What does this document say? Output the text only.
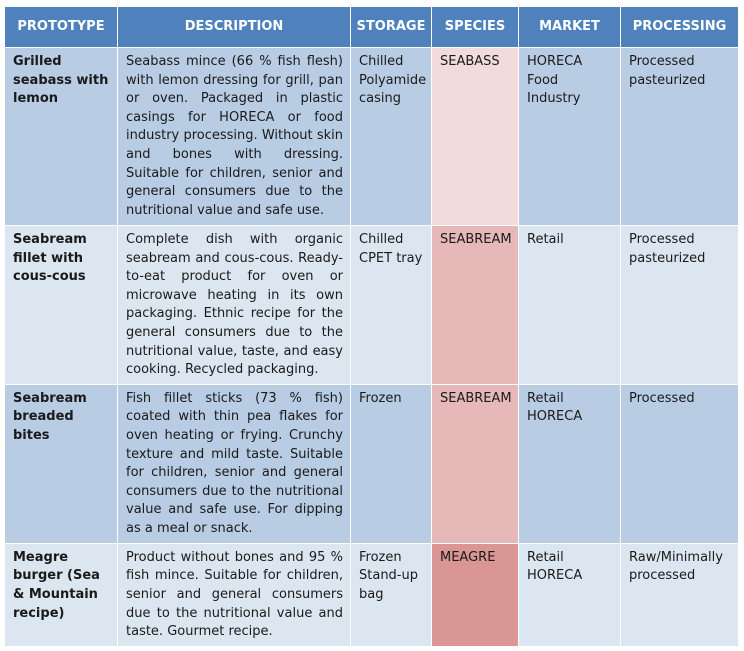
PROTOTYPE	DESCRIPTION	STORAGE	SPECIES	MARKET	PROCESSING
Grilled seabass with lemon	Seabass mince (66 % fish flesh) with lemon dressing for grill, pan or oven. Packaged in plastic casings for HORECA or food industry processing. Without skin and bones with dressing. Suitable for children, senior and general consumers due to the nutritional value and safe use.	Chilled Polyamide casing	SEABASS	HORECA Food Industry	Processed pasteurized
Seabream fillet with cous-cous	Complete dish with organic seabream and cous-cous. Ready-to-eat product for oven or microwave heating in its own packaging. Ethnic recipe for the general consumers due to the nutritional value, taste, and easy cooking. Recycled packaging.	Chilled CPET tray	SEABREAM	Retail	Processed pasteurized
Seabream breaded bites	Fish fillet sticks (73 % fish) coated with thin pea flakes for oven heating or frying. Crunchy texture and mild taste. Suitable for children, senior and general consumers due to the nutritional value and safe use. For dipping as a meal or snack.	Frozen	SEABREAM	Retail HORECA	Processed
Meagre burger (Sea & Mountain recipe)	Product without bones and 95 % fish mince. Suitable for children, senior and general consumers due to the nutritional value and taste. Gourmet recipe.	Frozen Stand-up bag	MEAGRE	Retail HORECA	Raw/Minimally processed
